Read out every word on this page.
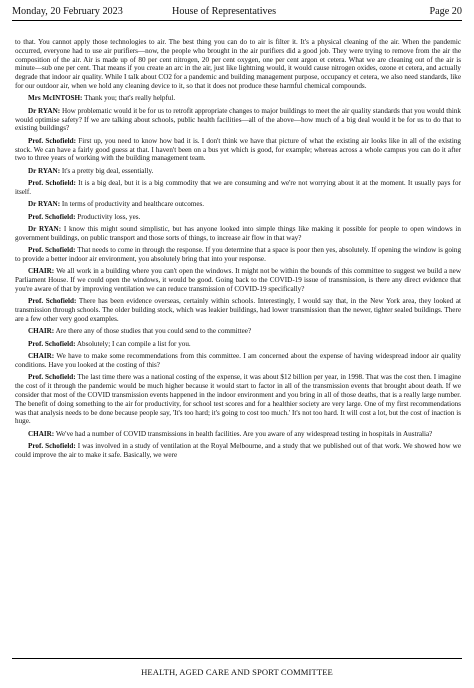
Monday, 20 February 2023	House of Representatives	Page 20

to that. You cannot apply those technologies to air. The best thing you can do to air is filter it. It's a physical cleaning of the air. When the pandemic occurred, everyone had to use air purifiers—now, the people who brought in the air purifiers did a good job. They were trying to remove from the air the composition of the air. Air is made up of 80 per cent nitrogen, 20 per cent oxygen, one per cent argon et cetera. What we are cleaning out of the air is minute—sub one per cent. That means if you create an arc in the air, just like lightning would, it would cause nitrogen oxides, ozone et cetera, and actually degrade that indoor air quality. While I talk about CO2 for a pandemic and building management purpose, occupancy et cetera, we also need standards, like for our outdoor air, when we hold any cleaning device to it, so that it does not produce these harmful chemical compounds.

Mrs McINTOSH: Thank you; that's really helpful.

Dr RYAN: How problematic would it be for us to retrofit appropriate changes to major buildings to meet the air quality standards that you would think would optimise safety? If we are talking about schools, public health facilities—all of the above—how much of a big deal would it be for us to do that to existing buildings?

Prof. Schofield: First up, you need to know how bad it is. I don't think we have that picture of what the existing air looks like in all of the existing stock. We can have a fairly good guess at that. I haven't been on a bus yet which is good, for example; whereas across a whole campus you can do it after two to three years of working with the building management team.

Dr RYAN: It's a pretty big deal, essentially.

Prof. Schofield: It is a big deal, but it is a big commodity that we are consuming and we're not worrying about it at the moment. It usually pays for itself.

Dr RYAN: In terms of productivity and healthcare outcomes.

Prof. Schofield: Productivity loss, yes.

Dr RYAN: I know this might sound simplistic, but has anyone looked into simple things like making it possible for people to open windows in government buildings, on public transport and those sorts of things, to increase air flow in that way?

Prof. Schofield: That needs to come in through the response. If you determine that a space is poor then yes, absolutely. If opening the window is going to provide a better indoor air environment, you absolutely bring that into your response.

CHAIR: We all work in a building where you can't open the windows. It might not be within the bounds of this committee to suggest we build a new Parliament House. If we could open the windows, it would be good. Going back to the COVID-19 issue of transmission, is there any direct evidence that you're aware of that by improving ventilation we can reduce transmission of COVID-19 specifically?

Prof. Schofield: There has been evidence overseas, certainly within schools. Interestingly, I would say that, in the New York area, they looked at transmission through schools. The older building stock, which was leakier buildings, had lower transmission than the newer, tighter sealed buildings. There are a few other very good examples.

CHAIR: Are there any of those studies that you could send to the committee?

Prof. Schofield: Absolutely; I can compile a list for you.

CHAIR: We have to make some recommendations from this committee. I am concerned about the expense of having widespread indoor air quality conditions. Have you looked at the costing of this?

Prof. Schofield: The last time there was a national costing of the expense, it was about $12 billion per year, in 1998. That was the cost then. I imagine the cost of it through the pandemic would be much higher because it would start to factor in all of the transmission events that brought about death. If we consider that most of the COVID transmission events happened in the indoor environment and you bring in all of those deaths, that is a really large number. The benefit of doing something to the air for productivity, for school test scores and for a healthier society are very large. One of my first recommendations was that analysis needs to be done because people say, 'It's too hard; it's going to cost too much.' It's not too hard. It will cost a lot, but the cost of inaction is huge.

CHAIR: We've had a number of COVID transmissions in health facilities. Are you aware of any widespread testing in hospitals in Australia?

Prof. Schofield: I was involved in a study of ventilation at the Royal Melbourne, and a study that we published out of that work. We showed how we could improve the air to make it safe. Basically, we were

HEALTH, AGED CARE AND SPORT COMMITTEE
